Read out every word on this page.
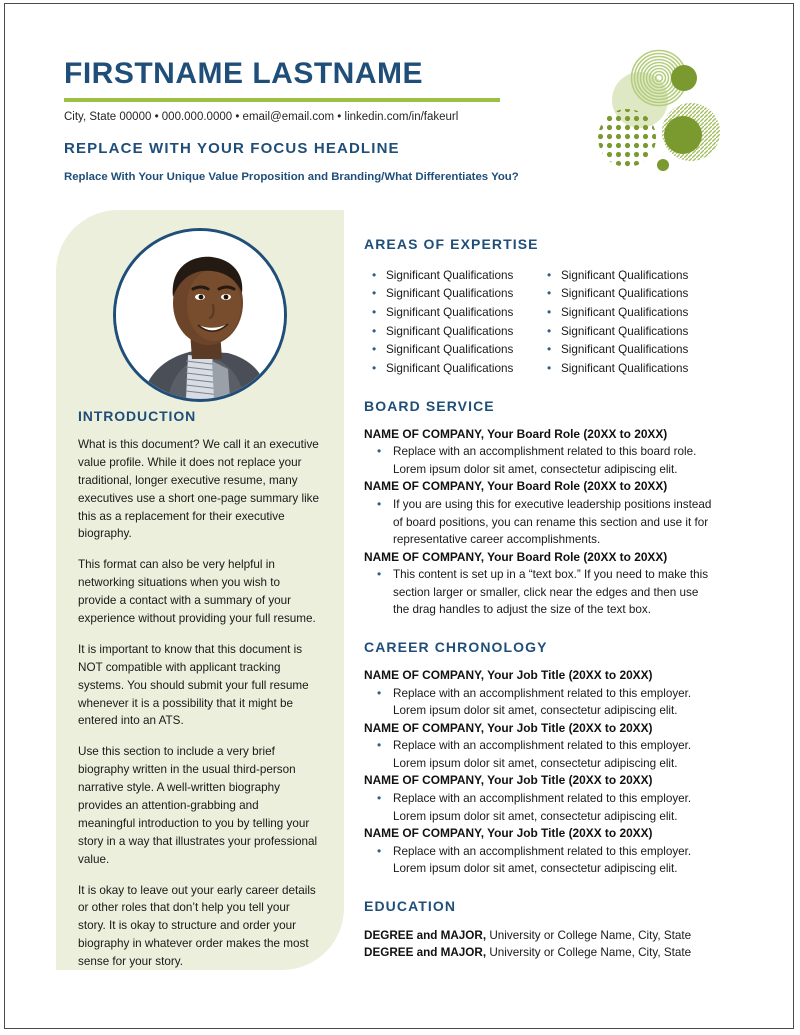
FIRSTNAME LASTNAME
City, State 00000 • 000.000.0000 • email@email.com • linkedin.com/in/fakeurl
REPLACE WITH YOUR FOCUS HEADLINE
Replace With Your Unique Value Proposition and Branding/What Differentiates You?
INTRODUCTION

What is this document? We call it an executive value profile. While it does not replace your traditional, longer executive resume, many executives use a short one-page summary like this as a replacement for their executive biography.

This format can also be very helpful in networking situations when you wish to provide a contact with a summary of your experience without providing your full resume.

It is important to know that this document is NOT compatible with applicant tracking systems. You should submit your full resume whenever it is a possibility that it might be entered into an ATS.

Use this section to include a very brief biography written in the usual third-person narrative style. A well-written biography provides an attention-grabbing and meaningful introduction to you by telling your story in a way that illustrates your professional value.

It is okay to leave out your early career details or other roles that don’t help you tell your story. It is okay to structure and order your biography in whatever order makes the most sense for your story.

AREAS OF EXPERTISE
• Significant Qualifications	• Significant Qualifications
• Significant Qualifications	• Significant Qualifications
• Significant Qualifications	• Significant Qualifications
• Significant Qualifications	• Significant Qualifications
• Significant Qualifications	• Significant Qualifications
• Significant Qualifications	• Significant Qualifications
BOARD SERVICE
NAME OF COMPANY, Your Board Role (20XX to 20XX)
•	Replace with an accomplishment related to this board role. Lorem ipsum dolor sit amet, consectetur adipiscing elit.
NAME OF COMPANY, Your Board Role (20XX to 20XX)
•	If you are using this for executive leadership positions instead of board positions, you can rename this section and use it for representative career accomplishments.
NAME OF COMPANY, Your Board Role (20XX to 20XX)
•	This content is set up in a “text box.” If you need to make this section larger or smaller, click near the edges and then use the drag handles to adjust the size of the text box.
CAREER CHRONOLOGY
NAME OF COMPANY, Your Job Title (20XX to 20XX)
•	Replace with an accomplishment related to this employer. Lorem ipsum dolor sit amet, consectetur adipiscing elit.
NAME OF COMPANY, Your Job Title (20XX to 20XX)
•	Replace with an accomplishment related to this employer. Lorem ipsum dolor sit amet, consectetur adipiscing elit.
NAME OF COMPANY, Your Job Title (20XX to 20XX)
•	Replace with an accomplishment related to this employer. Lorem ipsum dolor sit amet, consectetur adipiscing elit.
NAME OF COMPANY, Your Job Title (20XX to 20XX)
•	Replace with an accomplishment related to this employer. Lorem ipsum dolor sit amet, consectetur adipiscing elit.
EDUCATION
DEGREE and MAJOR, University or College Name, City, State
DEGREE and MAJOR, University or College Name, City, State
